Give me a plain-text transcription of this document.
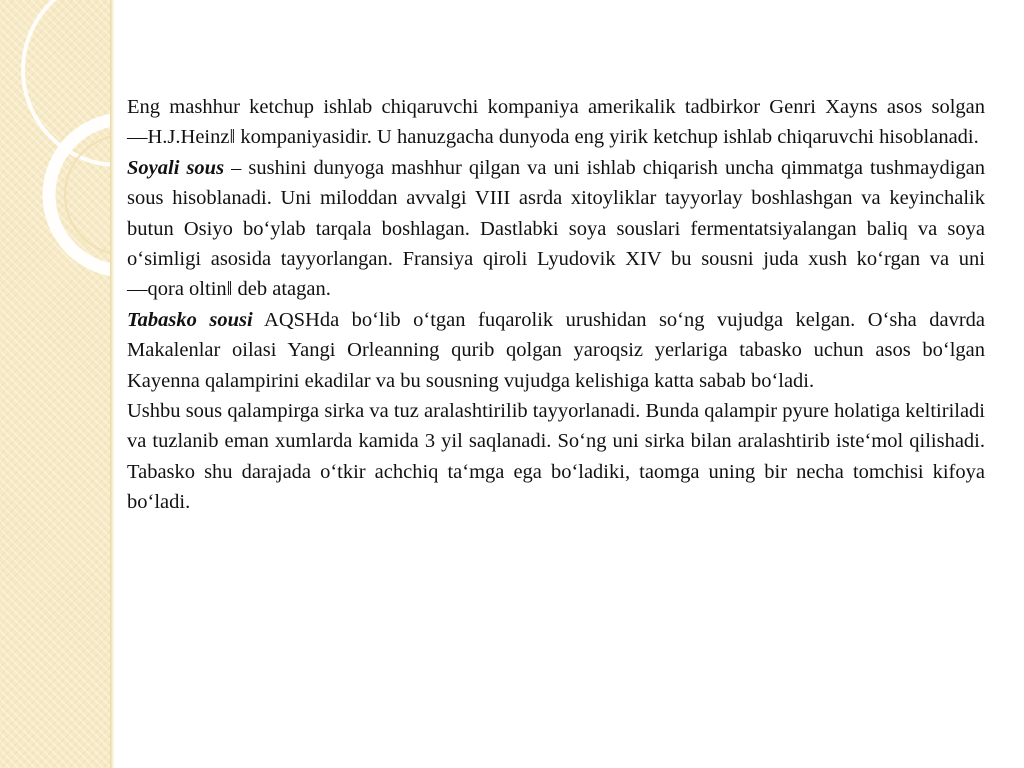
Eng mashhur ketchup ishlab chiqaruvchi kompaniya amerikalik tadbirkor Genri Xayns asos solgan ―H.J.Heinz‖ kompaniyasidir. U hanuzgacha dunyoda eng yirik ketchup ishlab chiqaruvchi hisoblanadi.

Soyali sous – sushini dunyoga mashhur qilgan va uni ishlab chiqarish uncha qimmatga tushmaydigan sous hisoblanadi. Uni miloddan avvalgi VIII asrda xitoyliklar tayyorlay boshlashgan va keyinchalik butun Osiyo bo‘ylab tarqala boshlagan. Dastlabki soya souslari fermentatsiyalangan baliq va soya o‘simligi asosida tayyorlangan. Fransiya qiroli Lyudovik XIV bu sousni juda xush ko‘rgan va uni ―qora oltin‖ deb atagan.

Tabasko sousi AQSHda bo‘lib o‘tgan fuqarolik urushidan so‘ng vujudga kelgan. O‘sha davrda Makalenlar oilasi Yangi Orleanning qurib qolgan yaroqsiz yerlariga tabasko uchun asos bo‘lgan Kayenna qalampirini ekadilar va bu sousning vujudga kelishiga katta sabab bo‘ladi.

Ushbu sous qalampirga sirka va tuz aralashtirilib tayyorlanadi. Bunda qalampir pyure holatiga keltiriladi va tuzlanib eman xumlarda kamida 3 yil saqlanadi. So‘ng uni sirka bilan aralashtirib iste‘mol qilishadi. Tabasko shu darajada o‘tkir achchiq ta‘mga ega bo‘ladiki, taomga uning bir necha tomchisi kifoya bo‘ladi.
